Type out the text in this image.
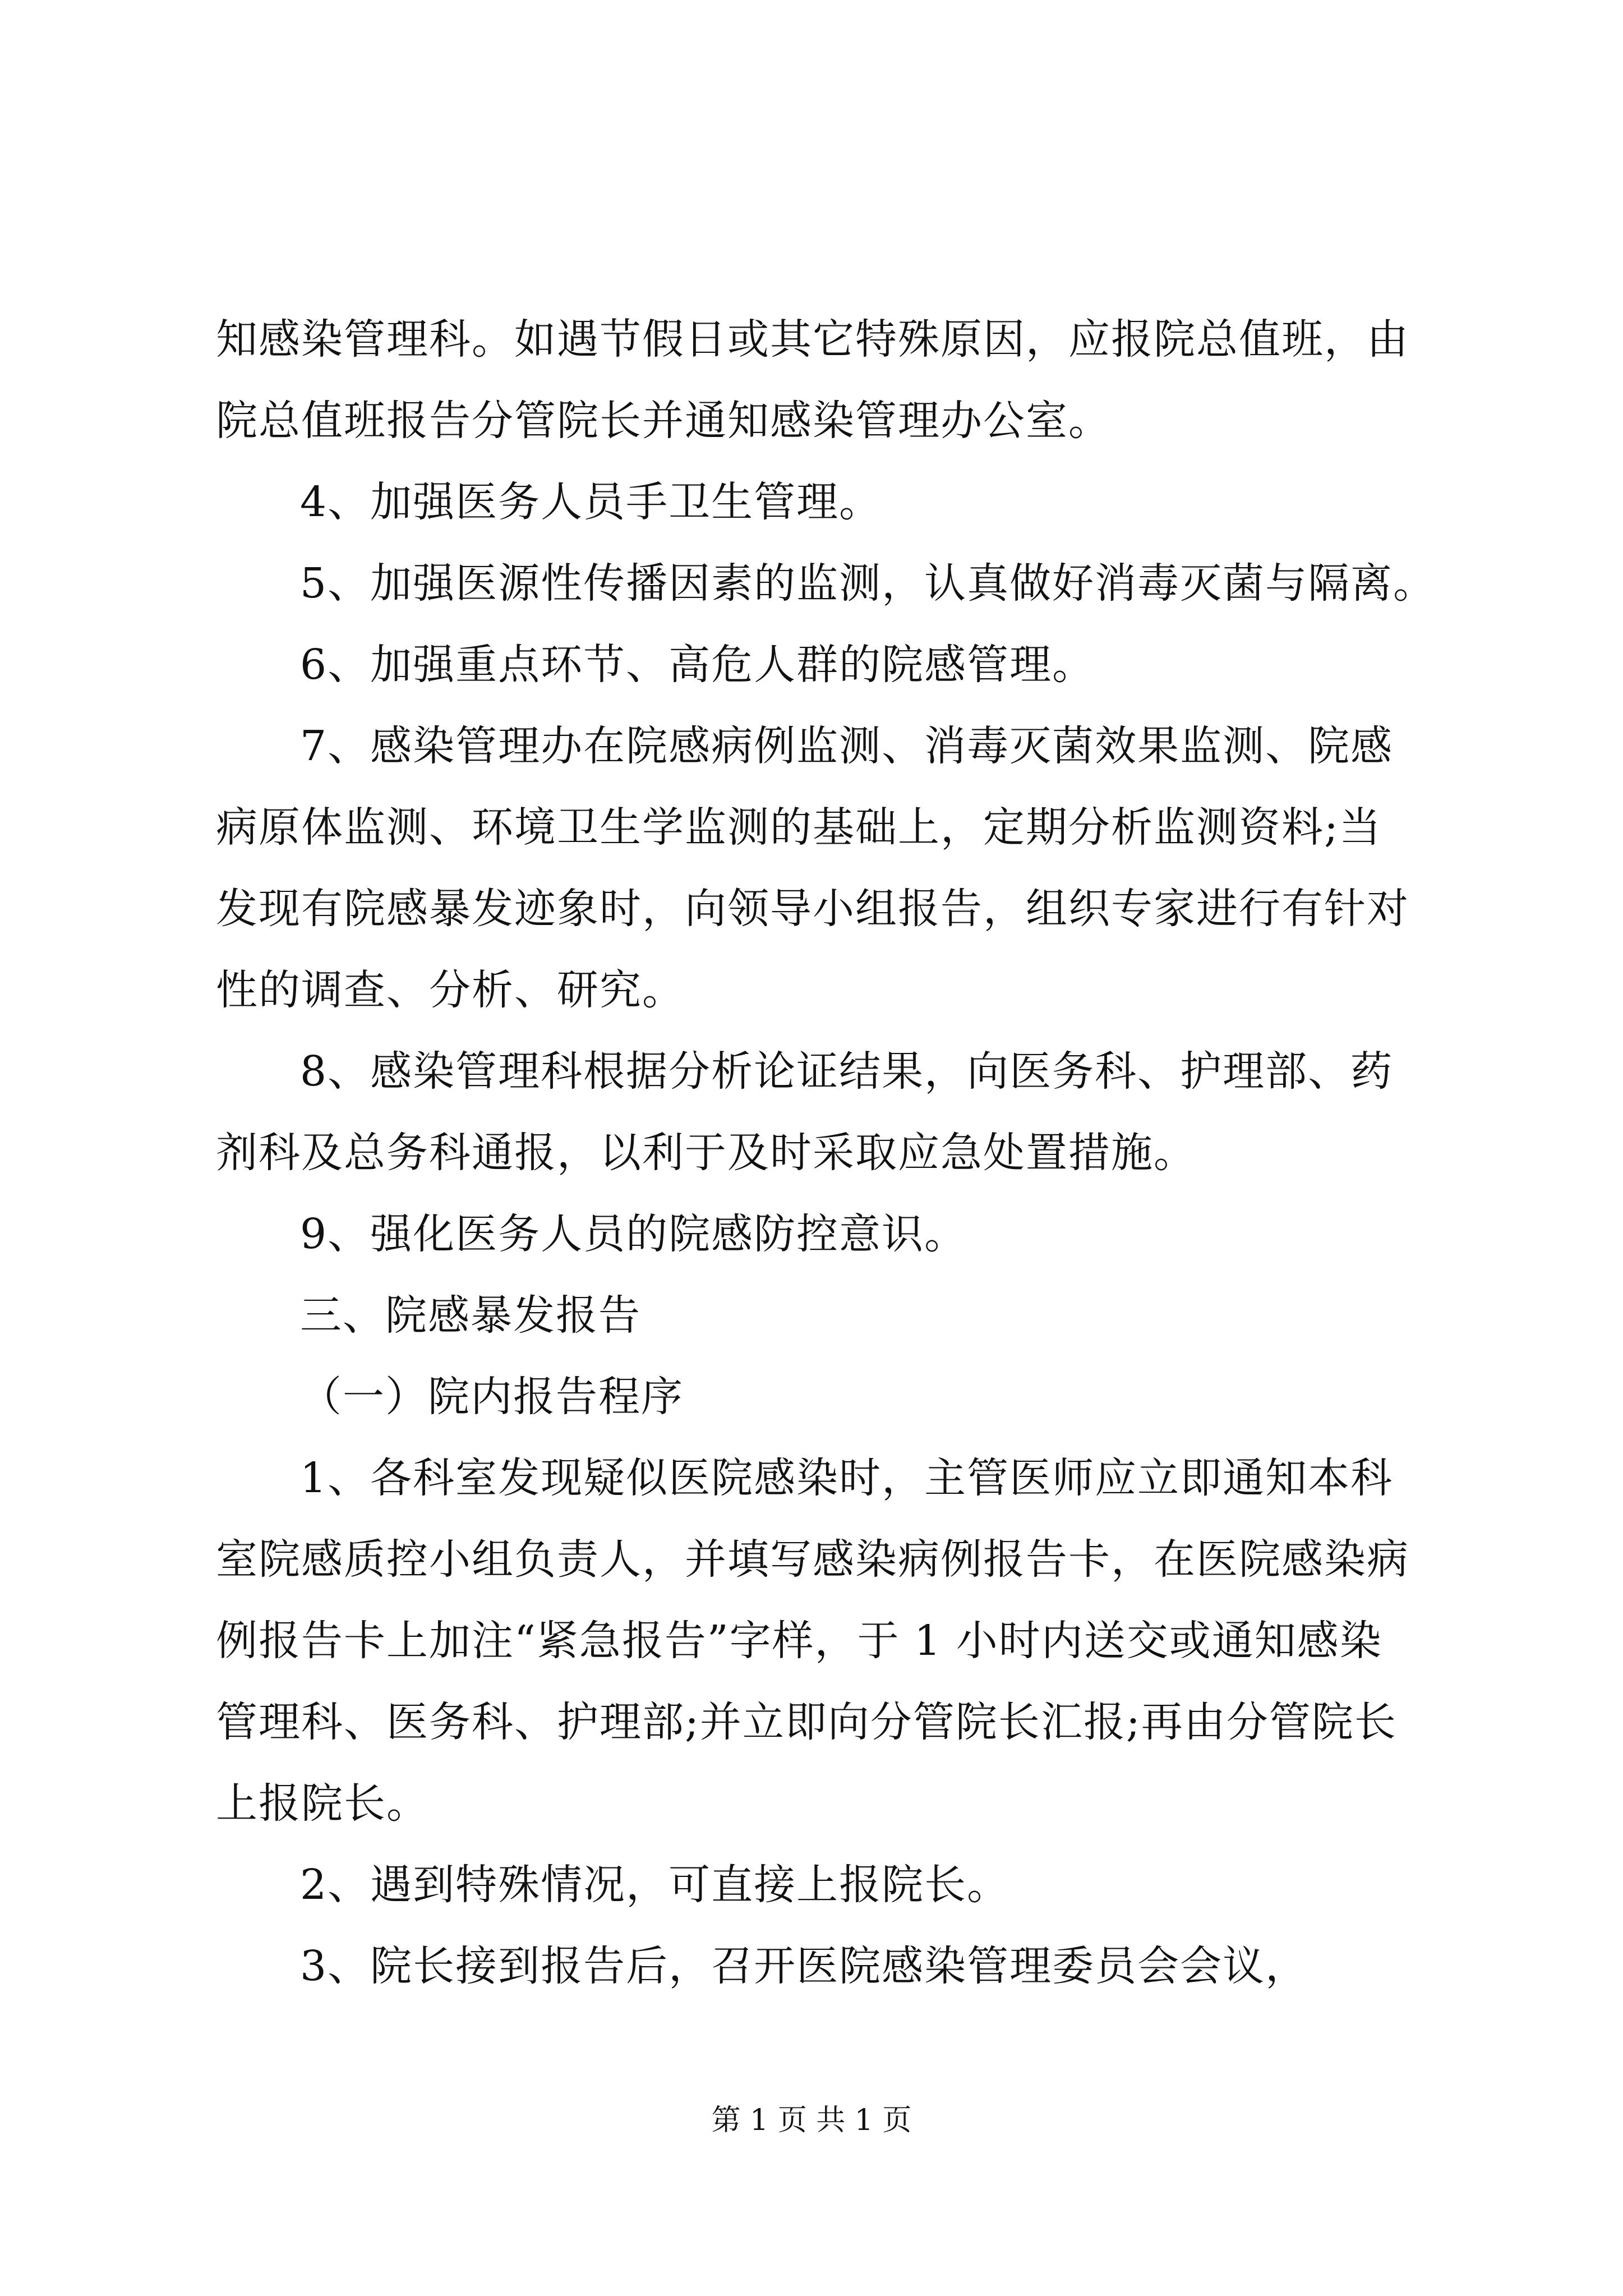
知感染管理科。如遇节假日或其它特殊原因，应报院总值班，由
院总值班报告分管院长并通知感染管理办公室。
4、加强医务人员手卫生管理。
5、加强医源性传播因素的监测，认真做好消毒灭菌与隔离。
6、加强重点环节、高危人群的院感管理。
7、感染管理办在院感病例监测、消毒灭菌效果监测、院感
病原体监测、环境卫生学监测的基础上，定期分析监测资料;当
发现有院感暴发迹象时，向领导小组报告，组织专家进行有针对
性的调查、分析、研究。
8、感染管理科根据分析论证结果，向医务科、护理部、药
剂科及总务科通报，以利于及时采取应急处置措施。
9、强化医务人员的院感防控意识。
三、院感暴发报告
（一）院内报告程序
1、各科室发现疑似医院感染时，主管医师应立即通知本科
室院感质控小组负责人，并填写感染病例报告卡，在医院感染病
例报告卡上加注“紧急报告”字样，于 1 小时内送交或通知感染
管理科、医务科、护理部;并立即向分管院长汇报;再由分管院长
上报院长。
2、遇到特殊情况，可直接上报院长。
3、院长接到报告后，召开医院感染管理委员会会议，
第 1 页 共 1 页
